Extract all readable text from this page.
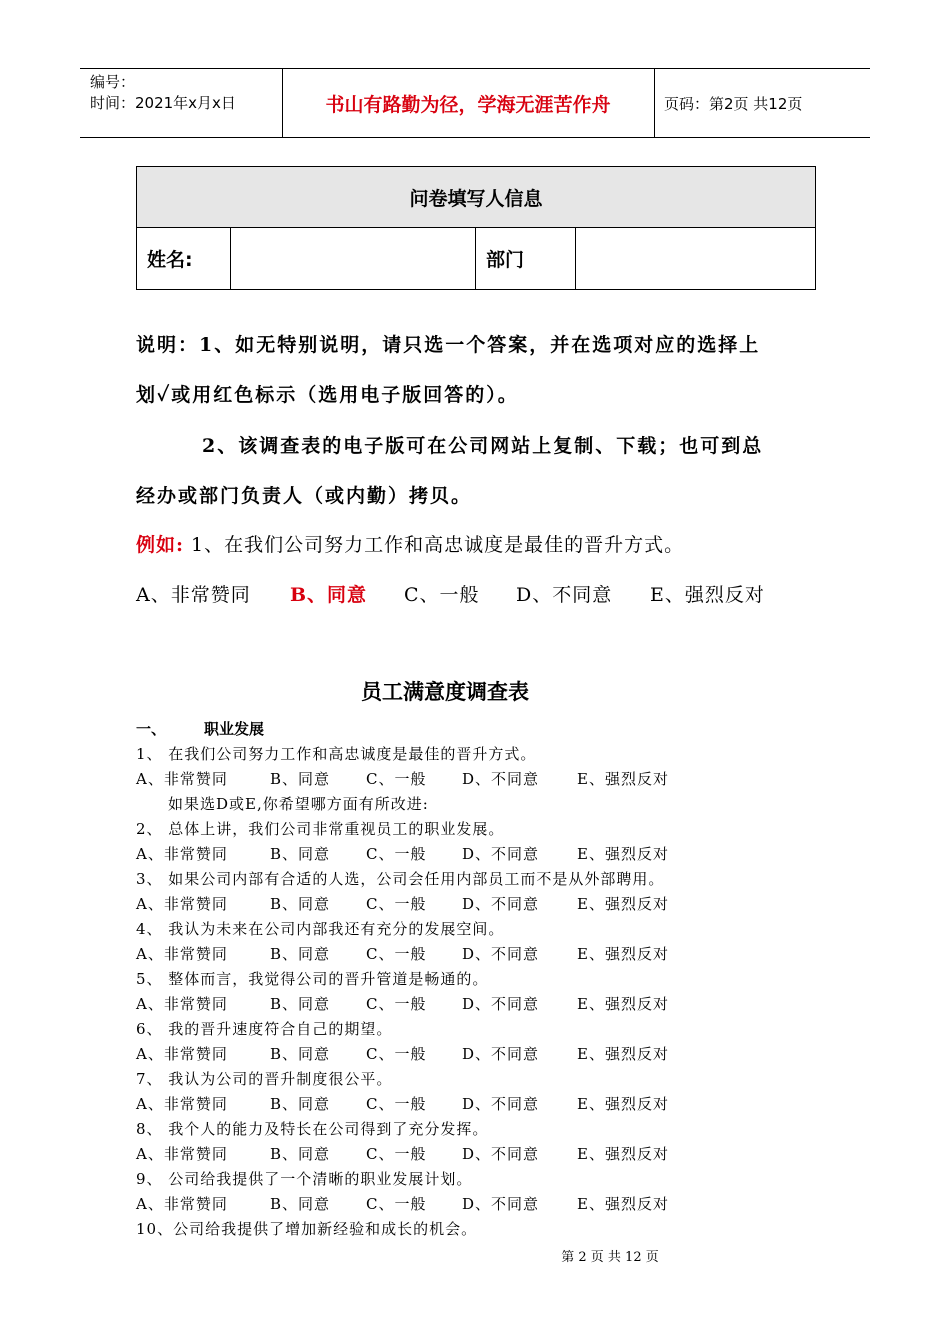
编号：
时间：2021年x月x日	书山有路勤为径，学海无涯苦作舟	页码：第2页 共12页
问卷填写人信息
姓名:	部门
说明：1、如无特别说明，请只选一个答案，并在选项对应的选择上
划✓或用红色标示（选用电子版回答的）。
2、该调查表的电子版可在公司网站上复制、下载；也可到总
经办或部门负责人（或内勤）拷贝。
例如: 1、在我们公司努力工作和高忠诚度是最佳的晋升方式。
A、非常赞同 B、同意 C、一般 D、不同意 E、强烈反对
员工满意度调查表
一、	职业发展
1、 在我们公司努力工作和高忠诚度是最佳的晋升方式。
A、非常赞同	B、同意 C、一般 D、不同意	E、强烈反对
如果选D或E,你希望哪方面有所改进:
2、 总体上讲，我们公司非常重视员工的职业发展。
A、非常赞同	B、同意 C、一般 D、不同意	E、强烈反对
3、 如果公司内部有合适的人选，公司会任用内部员工而不是从外部聘用。
A、非常赞同	B、同意 C、一般 D、不同意	E、强烈反对
4、 我认为未来在公司内部我还有充分的发展空间。
A、非常赞同	B、同意 C、一般 D、不同意	E、强烈反对
5、 整体而言，我觉得公司的晋升管道是畅通的。
A、非常赞同	B、同意 C、一般 D、不同意	E、强烈反对
6、 我的晋升速度符合自己的期望。
A、非常赞同	B、同意 C、一般 D、不同意	E、强烈反对
7、 我认为公司的晋升制度很公平。
A、非常赞同	B、同意 C、一般 D、不同意	E、强烈反对
8、 我个人的能力及特长在公司得到了充分发挥。
A、非常赞同	B、同意 C、一般 D、不同意	E、强烈反对
9、 公司给我提供了一个清晰的职业发展计划。
A、非常赞同	B、同意 C、一般 D、不同意	E、强烈反对
10、公司给我提供了增加新经验和成长的机会。
第 2 页 共 12 页
